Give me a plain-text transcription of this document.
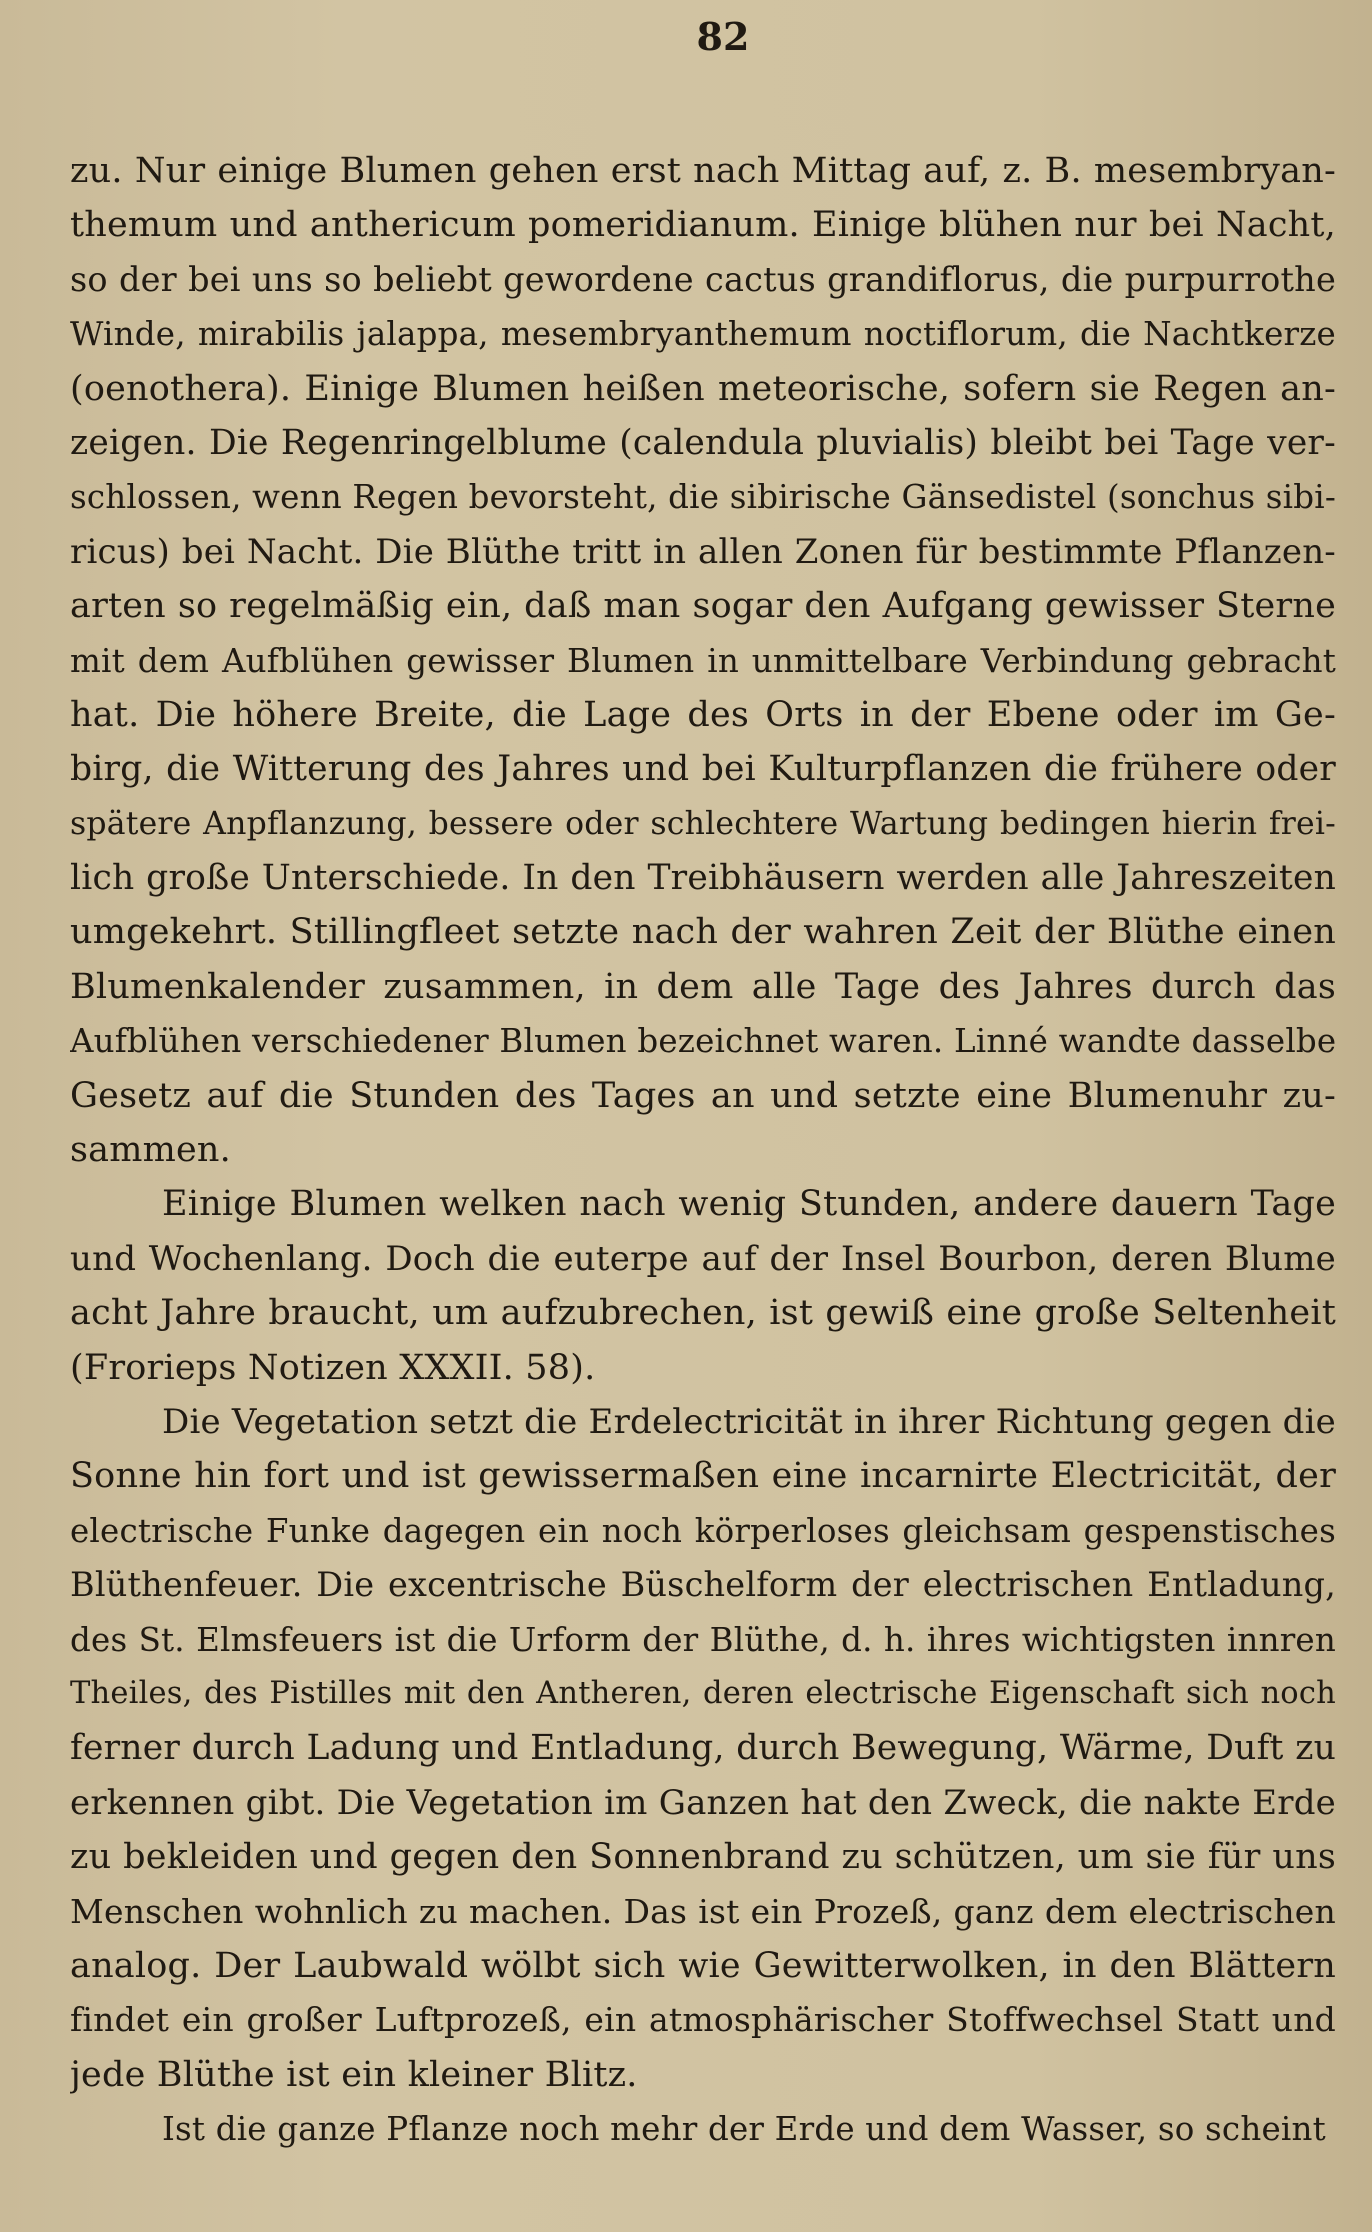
82
zu. Nur einige Blumen gehen erst nach Mittag auf, z. B. mesembryan-
themum und anthericum pomeridianum. Einige blühen nur bei Nacht,
so der bei uns so beliebt gewordene cactus grandiflorus, die purpurrothe
Winde, mirabilis jalappa, mesembryanthemum noctiflorum, die Nachtkerze
(oenothera). Einige Blumen heißen meteorische, sofern sie Regen an-
zeigen. Die Regenringelblume (calendula pluvialis) bleibt bei Tage ver-
schlossen, wenn Regen bevorsteht, die sibirische Gänsedistel (sonchus sibi-
ricus) bei Nacht. Die Blüthe tritt in allen Zonen für bestimmte Pflanzen-
arten so regelmäßig ein, daß man sogar den Aufgang gewisser Sterne
mit dem Aufblühen gewisser Blumen in unmittelbare Verbindung gebracht
hat. Die höhere Breite, die Lage des Orts in der Ebene oder im Ge-
birg, die Witterung des Jahres und bei Kulturpflanzen die frühere oder
spätere Anpflanzung, bessere oder schlechtere Wartung bedingen hierin frei-
lich große Unterschiede. In den Treibhäusern werden alle Jahreszeiten
umgekehrt. Stillingfleet setzte nach der wahren Zeit der Blüthe einen
Blumenkalender zusammen, in dem alle Tage des Jahres durch das
Aufblühen verschiedener Blumen bezeichnet waren. Linné wandte dasselbe
Gesetz auf die Stunden des Tages an und setzte eine Blumenuhr zu-
sammen.
Einige Blumen welken nach wenig Stunden, andere dauern Tage
und Wochenlang. Doch die euterpe auf der Insel Bourbon, deren Blume
acht Jahre braucht, um aufzubrechen, ist gewiß eine große Seltenheit
(Frorieps Notizen XXXII. 58).
Die Vegetation setzt die Erdelectricität in ihrer Richtung gegen die
Sonne hin fort und ist gewissermaßen eine incarnirte Electricität, der
electrische Funke dagegen ein noch körperloses gleichsam gespenstisches
Blüthenfeuer. Die excentrische Büschelform der electrischen Entladung,
des St. Elmsfeuers ist die Urform der Blüthe, d. h. ihres wichtigsten innren
Theiles, des Pistilles mit den Antheren, deren electrische Eigenschaft sich noch
ferner durch Ladung und Entladung, durch Bewegung, Wärme, Duft zu
erkennen gibt. Die Vegetation im Ganzen hat den Zweck, die nakte Erde
zu bekleiden und gegen den Sonnenbrand zu schützen, um sie für uns
Menschen wohnlich zu machen. Das ist ein Prozeß, ganz dem electrischen
analog. Der Laubwald wölbt sich wie Gewitterwolken, in den Blättern
findet ein großer Luftprozeß, ein atmosphärischer Stoffwechsel Statt und
jede Blüthe ist ein kleiner Blitz.
Ist die ganze Pflanze noch mehr der Erde und dem Wasser, so scheint
